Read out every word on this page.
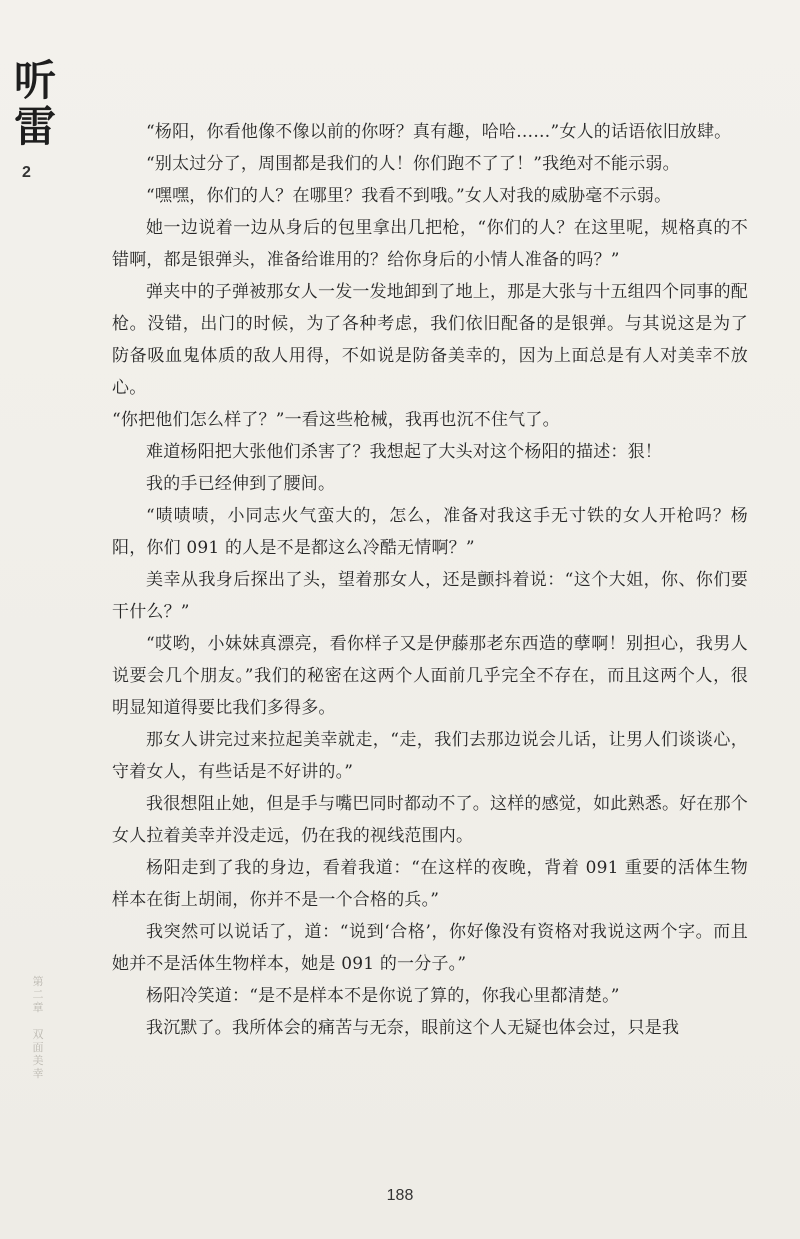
听
雷
2
第
二
章
双
面
美
幸

“杨阳，你看他像不像以前的你呀？真有趣，哈哈……”女人的话语依旧放肆。

“别太过分了，周围都是我们的人！你们跑不了了！”我绝对不能示弱。

“嘿嘿，你们的人？在哪里？我看不到哦。”女人对我的威胁毫不示弱。

她一边说着一边从身后的包里拿出几把枪，“你们的人？在这里呢，规格真的不错啊，都是银弹头，准备给谁用的？给你身后的小情人准备的吗？”

弹夹中的子弹被那女人一发一发地卸到了地上，那是大张与十五组四个同事的配枪。没错，出门的时候，为了各种考虑，我们依旧配备的是银弹。与其说这是为了防备吸血鬼体质的敌人用得，不如说是防备美幸的，因为上面总是有人对美幸不放心。

“你把他们怎么样了？”一看这些枪械，我再也沉不住气了。

难道杨阳把大张他们杀害了？我想起了大头对这个杨阳的描述：狠！

我的手已经伸到了腰间。

“啧啧啧，小同志火气蛮大的，怎么，准备对我这手无寸铁的女人开枪吗？杨阳，你们 091 的人是不是都这么冷酷无情啊？”

美幸从我身后探出了头，望着那女人，还是颤抖着说：“这个大姐，你、你们要干什么？”

“哎哟，小妹妹真漂亮，看你样子又是伊藤那老东西造的孽啊！别担心，我男人说要会几个朋友。”我们的秘密在这两个人面前几乎完全不存在，而且这两个人，很明显知道得要比我们多得多。

那女人讲完过来拉起美幸就走，“走，我们去那边说会儿话，让男人们谈谈心，守着女人，有些话是不好讲的。”

我很想阻止她，但是手与嘴巴同时都动不了。这样的感觉，如此熟悉。好在那个女人拉着美幸并没走远，仍在我的视线范围内。

杨阳走到了我的身边，看着我道：“在这样的夜晚，背着 091 重要的活体生物样本在街上胡闹，你并不是一个合格的兵。”

我突然可以说话了，道：“说到‘合格’，你好像没有资格对我说这两个字。而且她并不是活体生物样本，她是 091 的一分子。”

杨阳冷笑道：“是不是样本不是你说了算的，你我心里都清楚。”

我沉默了。我所体会的痛苦与无奈，眼前这个人无疑也体会过，只是我

188
